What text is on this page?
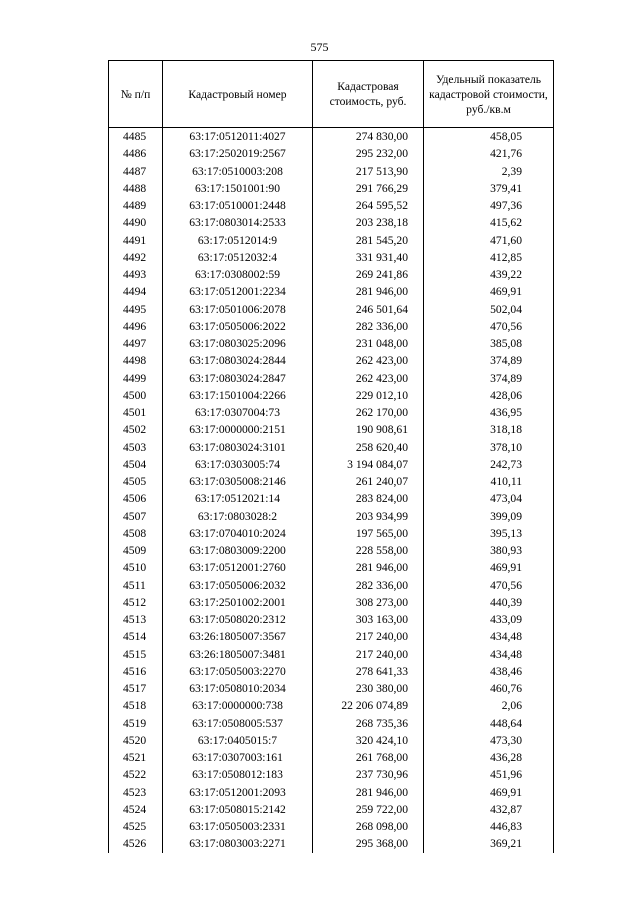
575
№ п/п	Кадастровый номер	Кадастровая стоимость, руб.	Удельный показатель кадастровой стоимости, руб./кв.м
4485	63:17:0512011:4027	274 830,00	458,05
4486	63:17:2502019:2567	295 232,00	421,76
4487	63:17:0510003:208	217 513,90	2,39
4488	63:17:1501001:90	291 766,29	379,41
4489	63:17:0510001:2448	264 595,52	497,36
4490	63:17:0803014:2533	203 238,18	415,62
4491	63:17:0512014:9	281 545,20	471,60
4492	63:17:0512032:4	331 931,40	412,85
4493	63:17:0308002:59	269 241,86	439,22
4494	63:17:0512001:2234	281 946,00	469,91
4495	63:17:0501006:2078	246 501,64	502,04
4496	63:17:0505006:2022	282 336,00	470,56
4497	63:17:0803025:2096	231 048,00	385,08
4498	63:17:0803024:2844	262 423,00	374,89
4499	63:17:0803024:2847	262 423,00	374,89
4500	63:17:1501004:2266	229 012,10	428,06
4501	63:17:0307004:73	262 170,00	436,95
4502	63:17:0000000:2151	190 908,61	318,18
4503	63:17:0803024:3101	258 620,40	378,10
4504	63:17:0303005:74	3 194 084,07	242,73
4505	63:17:0305008:2146	261 240,07	410,11
4506	63:17:0512021:14	283 824,00	473,04
4507	63:17:0803028:2	203 934,99	399,09
4508	63:17:0704010:2024	197 565,00	395,13
4509	63:17:0803009:2200	228 558,00	380,93
4510	63:17:0512001:2760	281 946,00	469,91
4511	63:17:0505006:2032	282 336,00	470,56
4512	63:17:2501002:2001	308 273,00	440,39
4513	63:17:0508020:2312	303 163,00	433,09
4514	63:26:1805007:3567	217 240,00	434,48
4515	63:26:1805007:3481	217 240,00	434,48
4516	63:17:0505003:2270	278 641,33	438,46
4517	63:17:0508010:2034	230 380,00	460,76
4518	63:17:0000000:738	22 206 074,89	2,06
4519	63:17:0508005:537	268 735,36	448,64
4520	63:17:0405015:7	320 424,10	473,30
4521	63:17:0307003:161	261 768,00	436,28
4522	63:17:0508012:183	237 730,96	451,96
4523	63:17:0512001:2093	281 946,00	469,91
4524	63:17:0508015:2142	259 722,00	432,87
4525	63:17:0505003:2331	268 098,00	446,83
4526	63:17:0803003:2271	295 368,00	369,21
